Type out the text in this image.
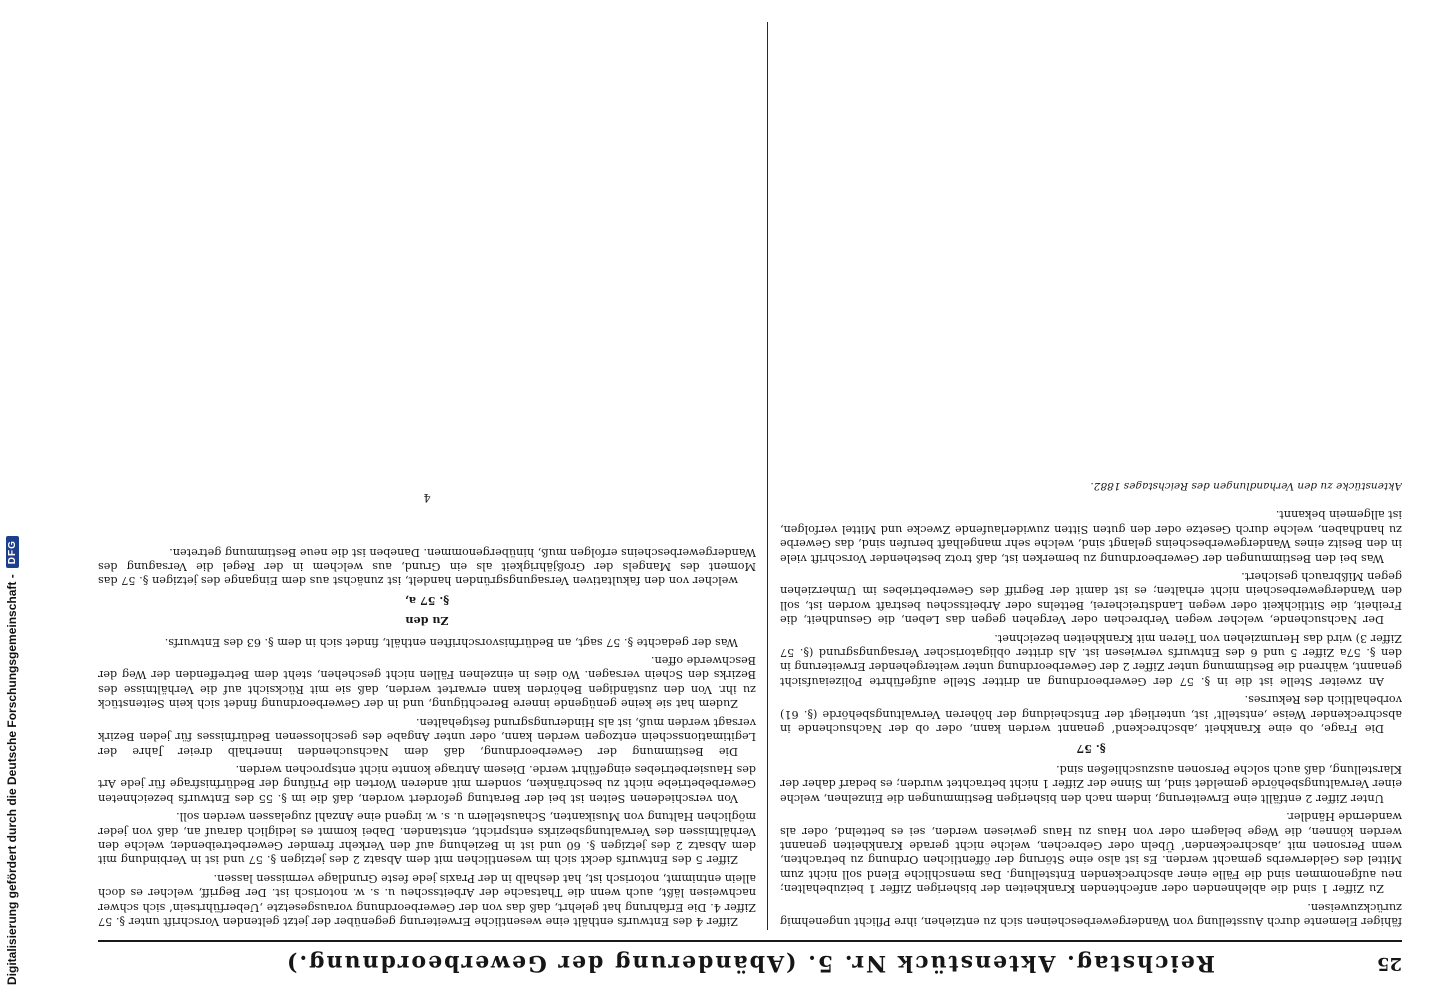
25
Reichstag. Aktenstück Nr. 5. (Abänderung der Gewerbeordnung.)

fähiger Elemente durch Ausstellung von Wandergewerbescheinen sich zu entziehen, ihre Pflicht ungenehmig zurückzuweisen.

Zu Ziffer 1 sind die ablehnenden oder anfechtenden Krankheiten der bisherigen Ziffer 1 beizubehalten; neu aufgenommen sind die Fälle einer abschreckenden Entstellung. Das menschliche Elend soll nicht zum Mittel des Gelderwerbs gemacht werden. Es ist also eine Störung der öffentlichen Ordnung zu betrachten, wenn Personen mit ‚abschreckenden‘ Übeln oder Gebrechen, welche nicht gerade Krankheiten genannt werden können, die Wege belagern oder von Haus zu Haus gewiesen werden, sei es bettelnd, oder als wandernde Händler.

Unter Ziffer 2 entfällt eine Erweiterung, indem nach den bisherigen Bestimmungen die Einzelnen, welche einer Verwaltungsbehörde gemeldet sind, im Sinne der Ziffer 1 nicht betrachtet wurden; es bedarf daher der Klarstellung, daß auch solche Personen auszuschließen sind.

§. 57

Die Frage, ob eine Krankheit ‚abschreckend‘ genannt werden kann, oder ob der Nachsuchende in abschreckender Weise ‚entstellt‘ ist, unterliegt der Entscheidung der höheren Verwaltungsbehörde (§. 61) vorbehaltlich des Rekurses.

An zweiter Stelle ist die in §. 57 der Gewerbeordnung an dritter Stelle aufgeführte Polizeiaufsicht genannt, während die Bestimmung unter Ziffer 2 der Gewerbeordnung unter weitergehender Erweiterung in den §. 57a Ziffer 5 und 6 des Entwurfs verwiesen ist. Als dritter obligatorischer Versagungsgrund (§. 57 Ziffer 3) wird das Herumziehen von Tieren mit Krankheiten bezeichnet.

Der Nachsuchende, welcher wegen Verbrechen oder Vergehen gegen das Leben, die Gesundheit, die Freiheit, die Sittlichkeit oder wegen Landstreicherei, Bettelns oder Arbeitsscheu bestraft worden ist, soll den Wandergewerbeschein nicht erhalten; es ist damit der Begriff des Gewerbetriebes im Umherziehen gegen Mißbrauch gesichert.

Was bei den Bestimmungen der Gewerbeordnung zu bemerken ist, daß trotz bestehender Vorschrift viele in den Besitz eines Wandergewerbescheins gelangt sind, welche sehr mangelhaft berufen sind, das Gewerbe zu handhaben, welche durch Gesetze oder den guten Sitten zuwiderlaufende Zwecke und Mittel verfolgen, ist allgemein bekannt.

Aktenstücke zu den Verhandlungen des Reichstages 1882.

Ziffer 4 des Entwurfs enthält eine wesentliche Erweiterung gegenüber der jetzt geltenden Vorschrift unter §. 57 Ziffer 4. Die Erfahrung hat gelehrt, daß das von der Gewerbeordnung vorausgesetzte ‚Ueberführtsein‘ sich schwer nachweisen läßt, auch wenn die Thatsache der Arbeitsscheu u. s. w. notorisch ist. Der Begriff, welcher es doch allein entnimmt, notorisch ist, hat deshalb in der Praxis jede feste Grundlage vermissen lassen.

Ziffer 5 des Entwurfs deckt sich im wesentlichen mit dem Absatz 2 des jetzigen §. 57 und ist in Verbindung mit dem Absatz 2 des jetzigen §. 60 und ist in Beziehung auf den Verkehr fremder Gewerbetreibender, welche den Verhältnissen des Verwaltungsbezirks entspricht, entstanden. Dabei kommt es lediglich darauf an, daß von jeder möglichen Haltung von Musikanten, Schaustellern u. s. w. irgend eine Anzahl zugelassen werden soll.

Von verschiedenen Seiten ist bei der Beratung gefordert worden, daß die im §. 55 des Entwurfs bezeichneten Gewerbebetriebe nicht zu beschränken, sondern mit anderen Worten die Prüfung der Bedürfnisfrage für jede Art des Hausierbetriebes eingeführt werde. Diesem Antrage konnte nicht entsprochen werden.

Die Bestimmung der Gewerbeordnung, daß dem Nachsuchenden innerhalb dreier Jahre der Legitimationsschein entzogen werden kann, oder unter Angabe des geschlossenen Bedürfnisses für jeden Bezirk versagt werden muß, ist als Hinderungsgrund festgehalten.

Zudem hat sie keine genügende innere Berechtigung, und in der Gewerbeordnung findet sich kein Seitenstück zu ihr. Von den zuständigen Behörden kann erwartet werden, daß sie mit Rücksicht auf die Verhältnisse des Bezirks den Schein versagen. Wo dies in einzelnen Fällen nicht geschehen, steht dem Betreffenden der Weg der Beschwerde offen.

Was der gedachte §. 57 sagt, an Bedürfnisvorschriften enthält, findet sich in dem §. 63 des Entwurfs.

Zu den
§. 57 a,

welcher von den fakultativen Versagungsgründen handelt, ist zunächst aus dem Eingange des jetzigen §. 57 das Moment des Mangels der Großjährigkeit als ein Grund, aus welchem in der Regel die Versagung des Wandergewerbescheins erfolgen muß, hinübergenommen. Daneben ist die neue Bestimmung getreten.

4
Digitalisierung gefördert durch die Deutsche Forschungsgemeinschaft -
DFG
